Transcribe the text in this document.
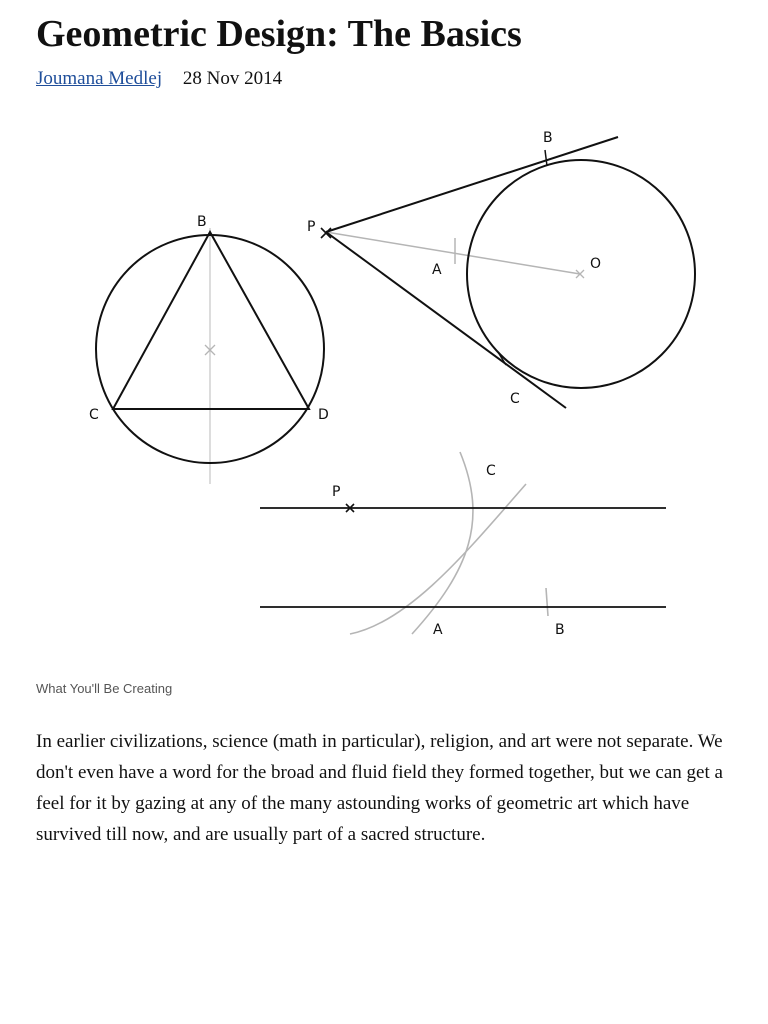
Geometric Design: The Basics
Joumana Medlej 28 Nov 2014
B
C	D
P
B
C
A	O
P
C
A	B
What You'll Be Creating

In earlier civilizations, science (math in particular), religion, and art were not separate. We don't even have a word for the broad and fluid field they formed together, but we can get a feel for it by gazing at any of the many astounding works of geometric art which have survived till now, and are usually part of a sacred structure.
